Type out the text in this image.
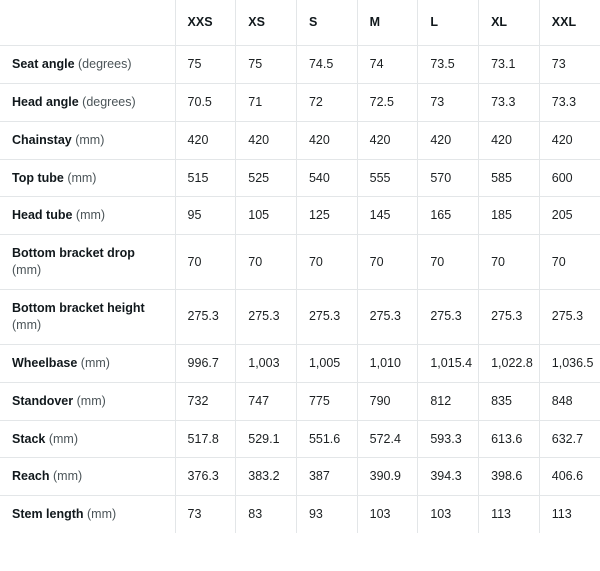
	XXS	XS	S	M	L	XL	XXL
Seat angle (degrees)	75	75	74.5	74	73.5	73.1	73
Head angle (degrees)	70.5	71	72	72.5	73	73.3	73.3
Chainstay (mm)	420	420	420	420	420	420	420
Top tube (mm)	515	525	540	555	570	585	600
Head tube (mm)	95	105	125	145	165	185	205
Bottom bracket drop (mm)	70	70	70	70	70	70	70
Bottom bracket height (mm)	275.3	275.3	275.3	275.3	275.3	275.3	275.3
Wheelbase (mm)	996.7	1,003	1,005	1,010	1,015.4	1,022.8	1,036.5
Standover (mm)	732	747	775	790	812	835	848
Stack (mm)	517.8	529.1	551.6	572.4	593.3	613.6	632.7
Reach (mm)	376.3	383.2	387	390.9	394.3	398.6	406.6
Stem length (mm)	73	83	93	103	103	113	113
